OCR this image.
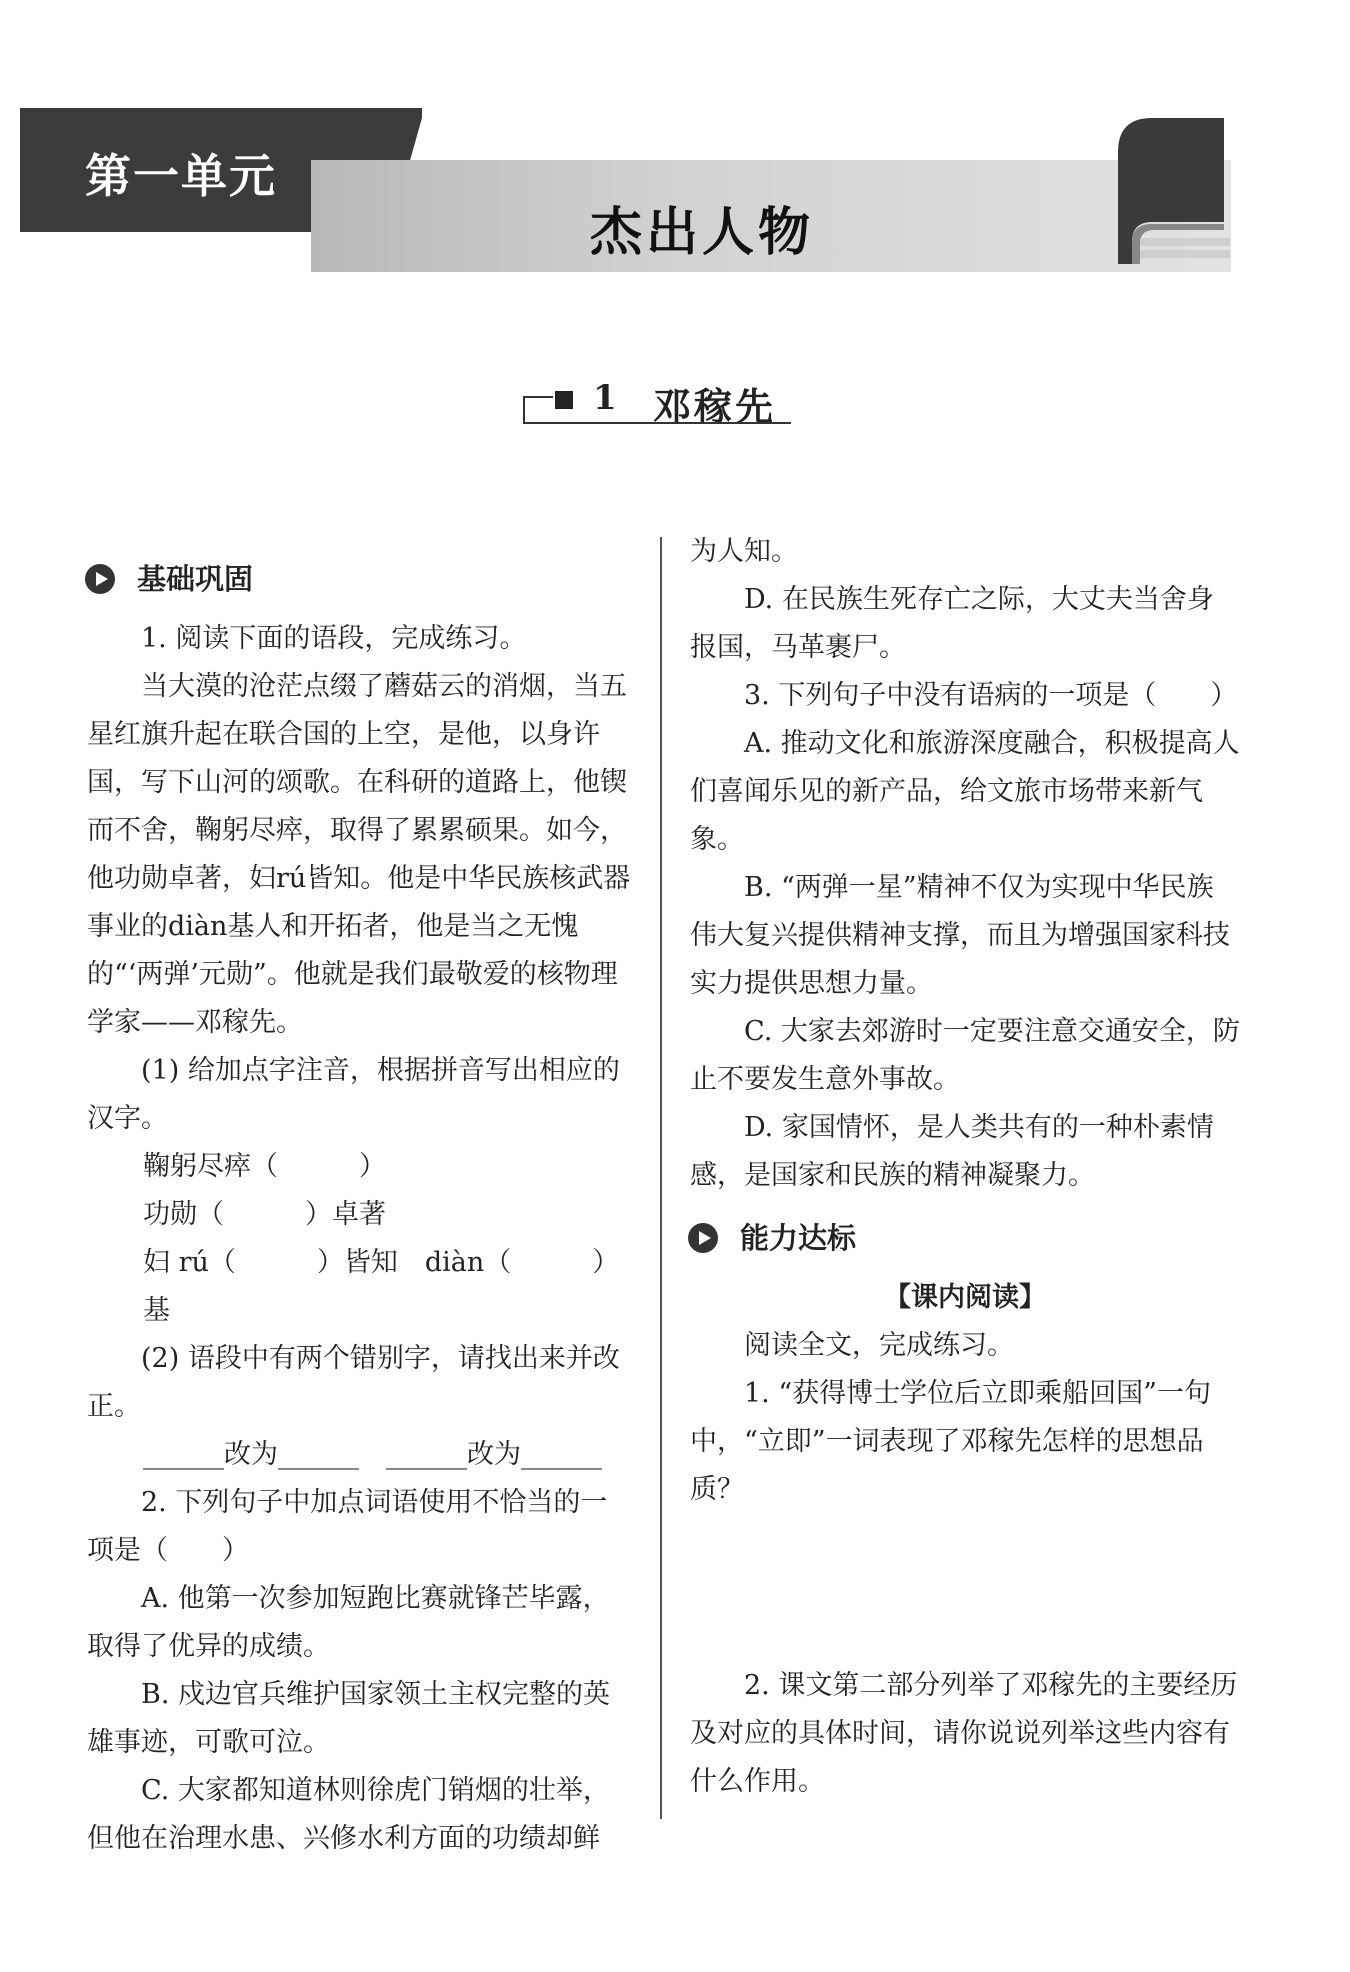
第一单元
杰出人物
1 邓稼先
基础巩固

1. 阅读下面的语段，完成练习。

当大漠的沧茫点缀了蘑菇云的消烟，当五星红旗升起在联合国的上空，是他，以身许国，写下山河的颂歌。在科研的道路上，他锲而不舍，鞠躬尽瘁，取得了累累硕果。如今，他功勋卓著，妇rú皆知。他是中华民族核武器事业的diàn基人和开拓者，他是当之无愧的“‘两弹’元勋”。他就是我们最敬爱的核物理学家——邓稼先。

(1) 给加点字注音，根据拼音写出相应的汉字。

鞠躬尽瘁（　　　）

功勋（　　　）卓著

妇 rú（　　　）皆知　diàn（　　　）基

(2) 语段中有两个错别字，请找出来并改正。

______改为______　______改为______

2. 下列句子中加点词语使用不恰当的一项是（　　）

A. 他第一次参加短跑比赛就锋芒毕露，取得了优异的成绩。

B. 戍边官兵维护国家领土主权完整的英雄事迹，可歌可泣。

C. 大家都知道林则徐虎门销烟的壮举，但他在治理水患、兴修水利方面的功绩却鲜

为人知。

D. 在民族生死存亡之际，大丈夫当舍身报国，马革裹尸。

3. 下列句子中没有语病的一项是（　　）

A. 推动文化和旅游深度融合，积极提高人们喜闻乐见的新产品，给文旅市场带来新气象。

B. “两弹一星”精神不仅为实现中华民族伟大复兴提供精神支撑，而且为增强国家科技实力提供思想力量。

C. 大家去郊游时一定要注意交通安全，防止不要发生意外事故。

D. 家国情怀，是人类共有的一种朴素情感，是国家和民族的精神凝聚力。

能力达标

【课内阅读】

阅读全文，完成练习。

1. “获得博士学位后立即乘船回国”一句中，“立即”一词表现了邓稼先怎样的思想品质？

2. 课文第二部分列举了邓稼先的主要经历及对应的具体时间，请你说说列举这些内容有什么作用。
